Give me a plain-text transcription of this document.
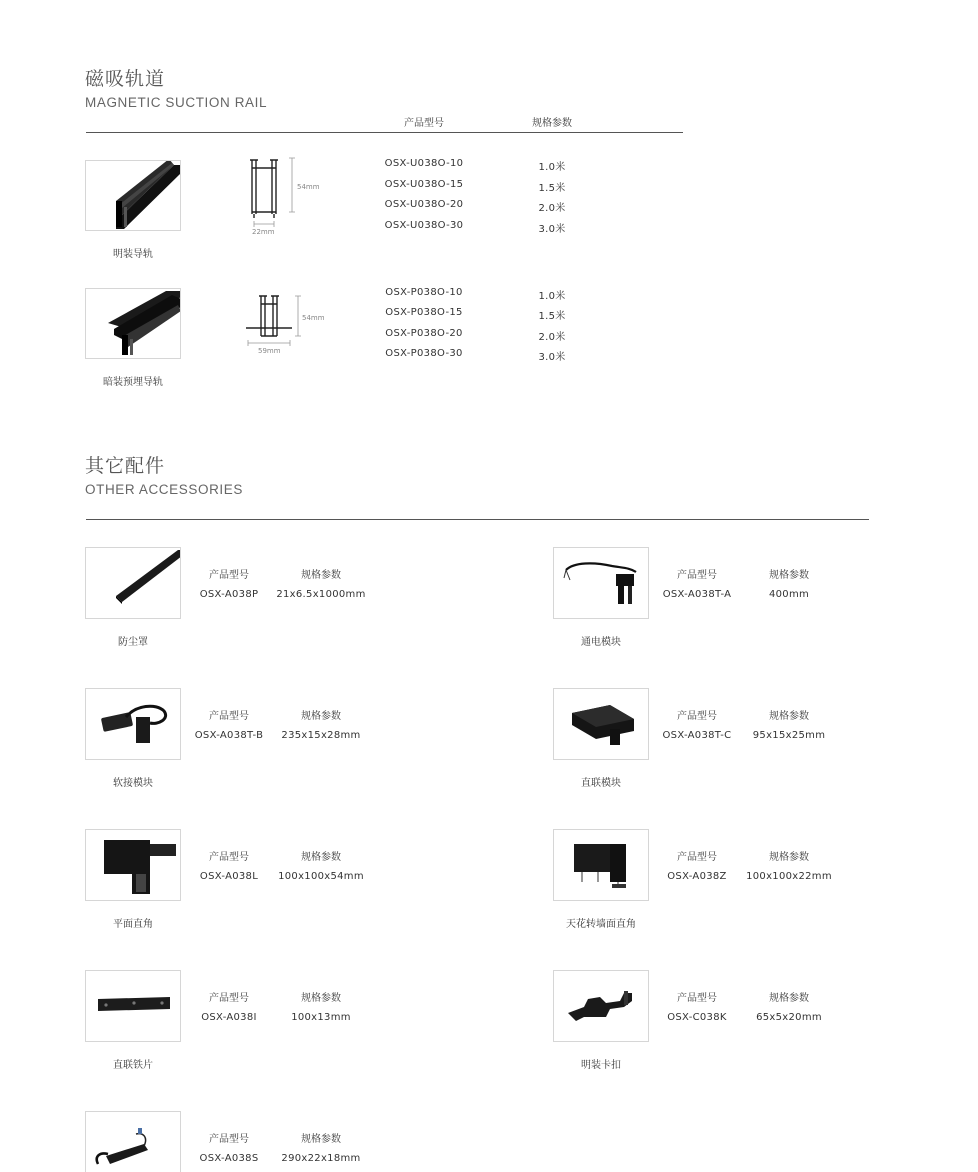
磁吸轨道
MAGNETIC SUCTION RAIL
产品型号	规格参数
明装导轨
54mm
22mm
OSX-U038O-10	1.0米
OSX-U038O-15	1.5米
OSX-U038O-20	2.0米
OSX-U038O-30	3.0米
暗装预埋导轨
54mm
59mm
OSX-P038O-10	1.0米
OSX-P038O-15	1.5米
OSX-P038O-20	2.0米
OSX-P038O-30	3.0米
其它配件
OTHER ACCESSORIES
防尘罩
产品型号	规格参数
OSX-A038P	21x6.5x1000mm
通电模块
产品型号	规格参数
OSX-A038T-A	400mm
软接模块
产品型号	规格参数
OSX-A038T-B	235x15x28mm
直联模块
产品型号	规格参数
OSX-A038T-C	95x15x25mm
平面直角
产品型号	规格参数
OSX-A038L	100x100x54mm
天花转墙面直角
产品型号	规格参数
OSX-A038Z	100x100x22mm
直联铁片
产品型号	规格参数
OSX-A038I	100x13mm
明装卡扣
产品型号	规格参数
OSX-C038K	65x5x20mm
产品型号	规格参数
OSX-A038S	290x22x18mm
